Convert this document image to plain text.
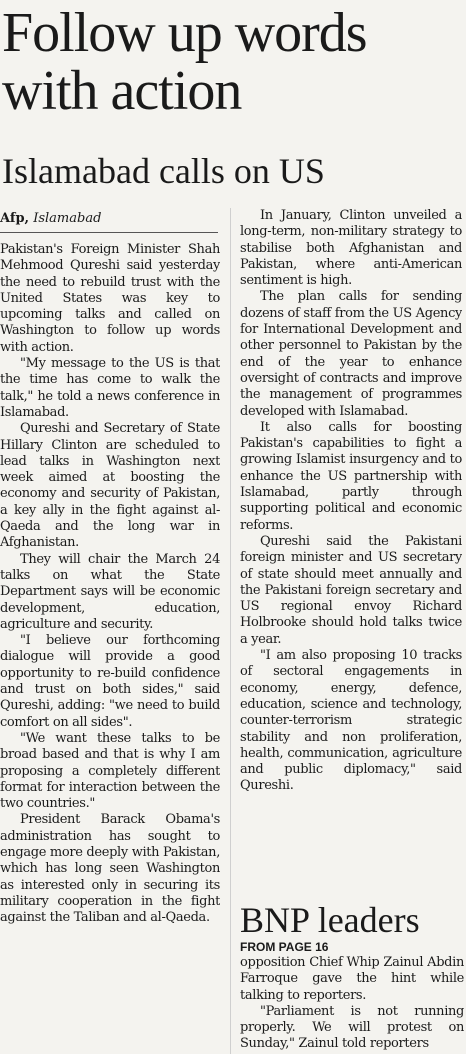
Follow up words with action
Islamabad calls on US
Afp, Islamabad

Pakistan's Foreign Minister Shah Mehmood Qureshi said yesterday the need to rebuild trust with the United States was key to upcoming talks and called on Washington to follow up words with action.

"My message to the US is that the time has come to walk the talk," he told a news conference in Islamabad.

Qureshi and Secretary of State Hillary Clinton are scheduled to lead talks in Washington next week aimed at boosting the economy and security of Pakistan, a key ally in the fight against al-Qaeda and the long war in Afghanistan.

They will chair the March 24 talks on what the State Department says will be economic development, education, agriculture and security.

"I believe our forthcoming dialogue will provide a good opportunity to re-build confidence and trust on both sides," said Qureshi, adding: "we need to build comfort on all sides".

"We want these talks to be broad based and that is why I am proposing a completely different format for interaction between the two countries."

President Barack Obama's administration has sought to engage more deeply with Pakistan, which has long seen Washington as interested only in securing its military cooperation in the fight against the Taliban and al-Qaeda.

In January, Clinton unveiled a long-term, non-military strategy to stabilise both Afghanistan and Pakistan, where anti-American sentiment is high.

The plan calls for sending dozens of staff from the US Agency for International Development and other personnel to Pakistan by the end of the year to enhance oversight of contracts and improve the management of programmes developed with Islamabad.

It also calls for boosting Pakistan's capabilities to fight a growing Islamist insurgency and to enhance the US partnership with Islamabad, partly through supporting political and economic reforms.

Qureshi said the Pakistani foreign minister and US secretary of state should meet annually and the Pakistani foreign secretary and US regional envoy Richard Holbrooke should hold talks twice a year.

"I am also proposing 10 tracks of sectoral engagements in economy, energy, defence, education, science and technology, counter-terrorism strategic stability and non proliferation, health, communication, agriculture and public diplomacy," said Qureshi.

BNP leaders
FROM PAGE 16

opposition Chief Whip Zainul Abdin Farroque gave the hint while talking to reporters.

"Parliament is not running properly. We will protest on Sunday," Zainul told reporters
